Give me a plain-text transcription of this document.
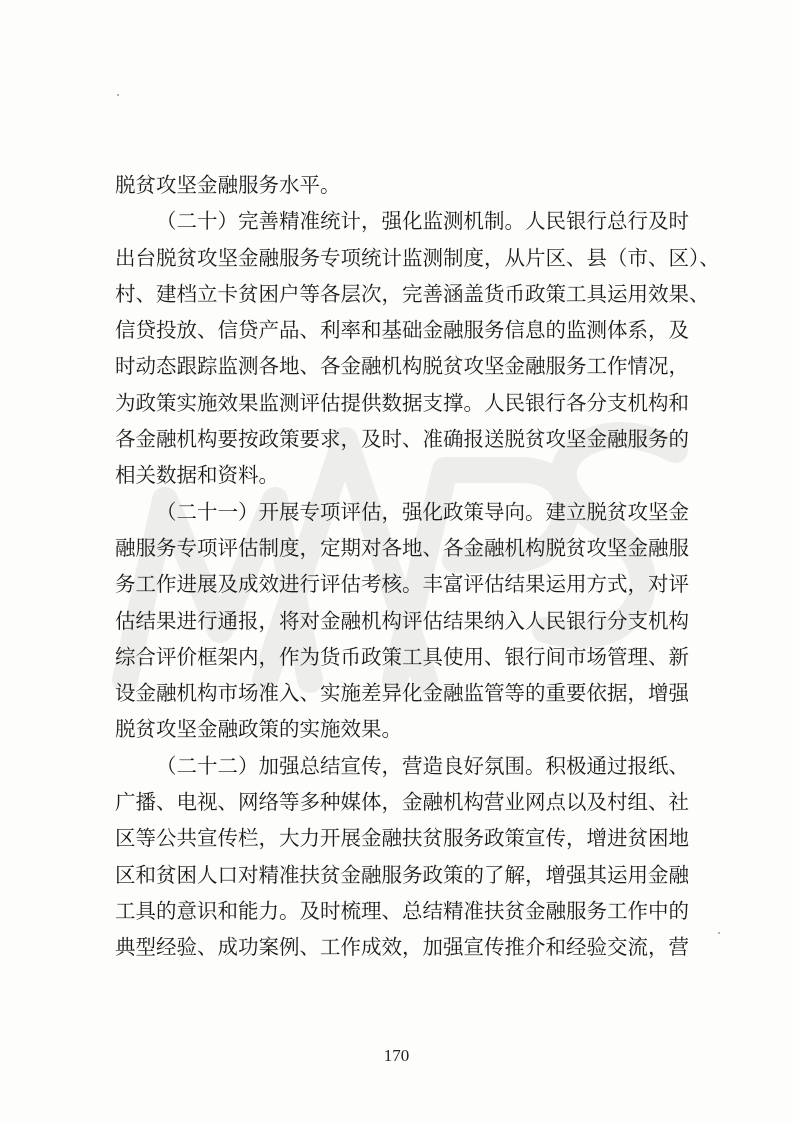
脱贫攻坚金融服务水平。
（二十）完善精准统计，强化监测机制。人民银行总行及时
出台脱贫攻坚金融服务专项统计监测制度，从片区、县（市、区）、
村、建档立卡贫困户等各层次，完善涵盖货币政策工具运用效果、
信贷投放、信贷产品、利率和基础金融服务信息的监测体系，及
时动态跟踪监测各地、各金融机构脱贫攻坚金融服务工作情况，
为政策实施效果监测评估提供数据支撑。人民银行各分支机构和
各金融机构要按政策要求，及时、准确报送脱贫攻坚金融服务的
相关数据和资料。
（二十一）开展专项评估，强化政策导向。建立脱贫攻坚金
融服务专项评估制度，定期对各地、各金融机构脱贫攻坚金融服
务工作进展及成效进行评估考核。丰富评估结果运用方式，对评
估结果进行通报，将对金融机构评估结果纳入人民银行分支机构
综合评价框架内，作为货币政策工具使用、银行间市场管理、新
设金融机构市场准入、实施差异化金融监管等的重要依据，增强
脱贫攻坚金融政策的实施效果。
（二十二）加强总结宣传，营造良好氛围。积极通过报纸、
广播、电视、网络等多种媒体，金融机构营业网点以及村组、社
区等公共宣传栏，大力开展金融扶贫服务政策宣传，增进贫困地
区和贫困人口对精准扶贫金融服务政策的了解，增强其运用金融
工具的意识和能力。及时梳理、总结精准扶贫金融服务工作中的
典型经验、成功案例、工作成效，加强宣传推介和经验交流，营
170
